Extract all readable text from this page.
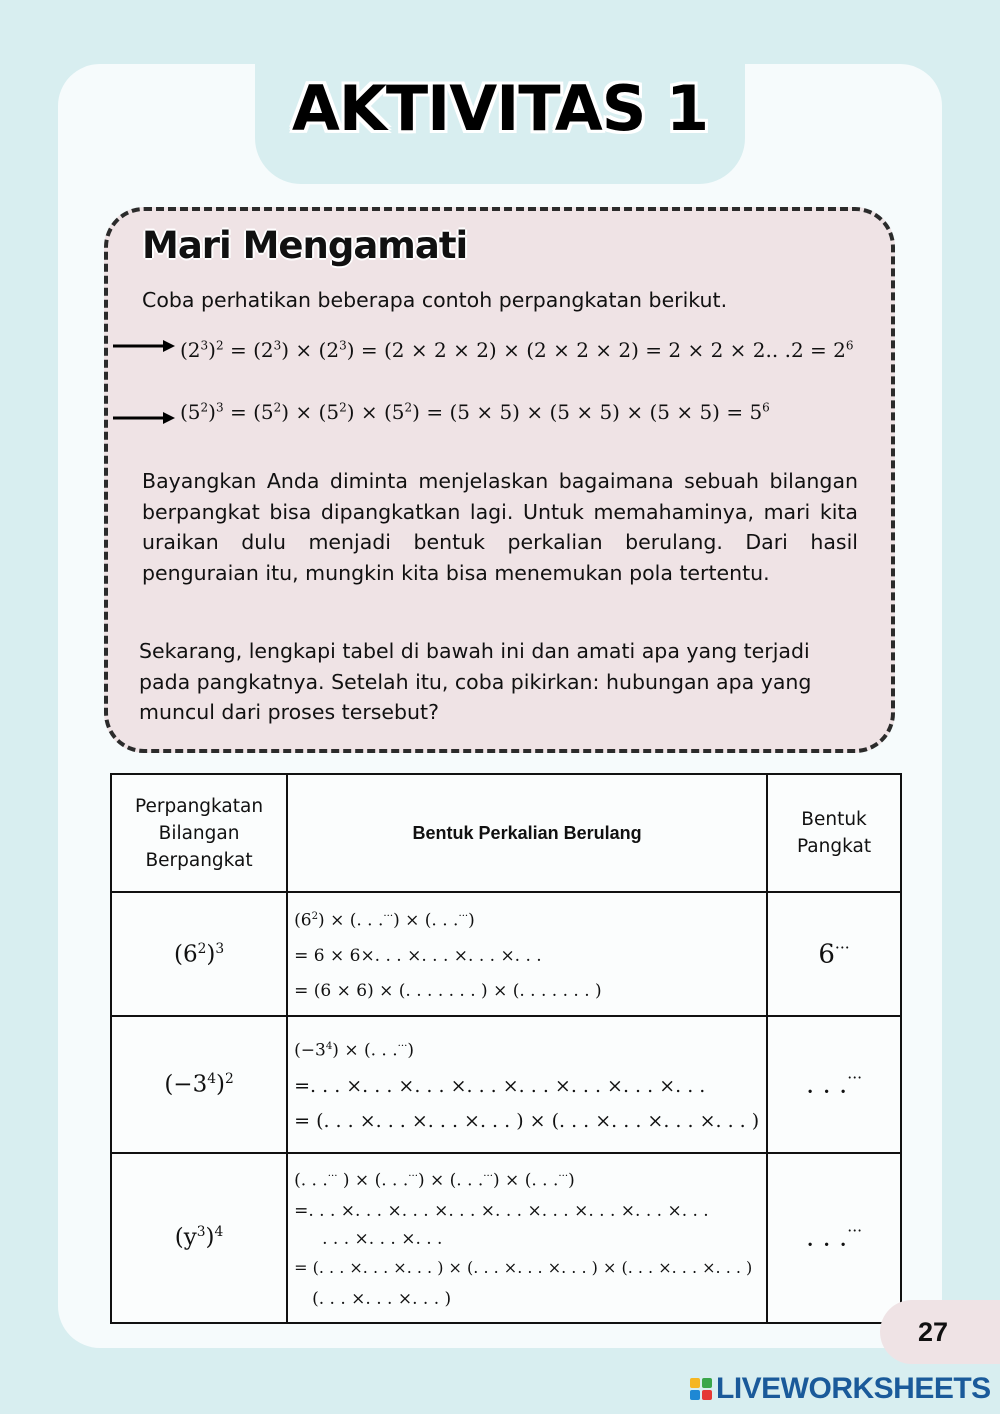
AKTIVITAS 1
Mari Mengamati

Coba perhatikan beberapa contoh perpangkatan berikut.

$(2^3)^2 = (2^3) \times (2^3) = (2 \times 2 \times 2) \times (2 \times 2 \times 2) = 2 \times 2 \times 2$.. $.2 = 2^6$
$(5^2)^3 = (5^2) \times (5^2) \times (5^2) = (5 \times 5) \times (5 \times 5) \times (5 \times 5) = 5^6$

Bayangkan Anda diminta menjelaskan bagaimana sebuah bilangan berpangkat bisa dipangkatkan lagi. Untuk memahaminya, mari kita uraikan dulu menjadi bentuk perkalian berulang. Dari hasil penguraian itu, mungkin kita bisa menemukan pola tertentu.

Sekarang, lengkapi tabel di bawah ini dan amati apa yang terjadi pada pangkatnya. Setelah itu, coba pikirkan: hubungan apa yang muncul dari proses tersebut?

Perpangkatan Bilangan Berpangkat	Bentuk Perkalian Berulang	Bentuk Pangkat
$(6^2)^3$	$(6^2)$ × (. . .···) × (. . .···)
= 6 × 6×. . . ×. . . ×. . . ×. . .
= (6 × 6) × (. . . . . . . ) × (. . . . . . . )	6···
$(-3^4)^2$	$(-3^4)$ × (. . .···)
=. . . ×. . . ×. . . ×. . . ×. . . ×. . . ×. . . ×. . .
= (. . . ×. . . ×. . . ×. . . ) × (. . . ×. . . ×. . . ×. . . )	. . .···
$(y^3)^4$	(. . .··· ) × (. . .···) × (. . .···) × (. . .···)
=. . . ×. . . ×. . . ×. . . ×. . . ×. . . ×. . . ×. . . ×. . .
. . . ×. . . ×. . .
= (. . . ×. . . ×. . . ) × (. . . ×. . . ×. . . ) × (. . . ×. . . ×. . . )
(. . . ×. . . ×. . . )	. . .···
27
LIVEWORKSHEETS
